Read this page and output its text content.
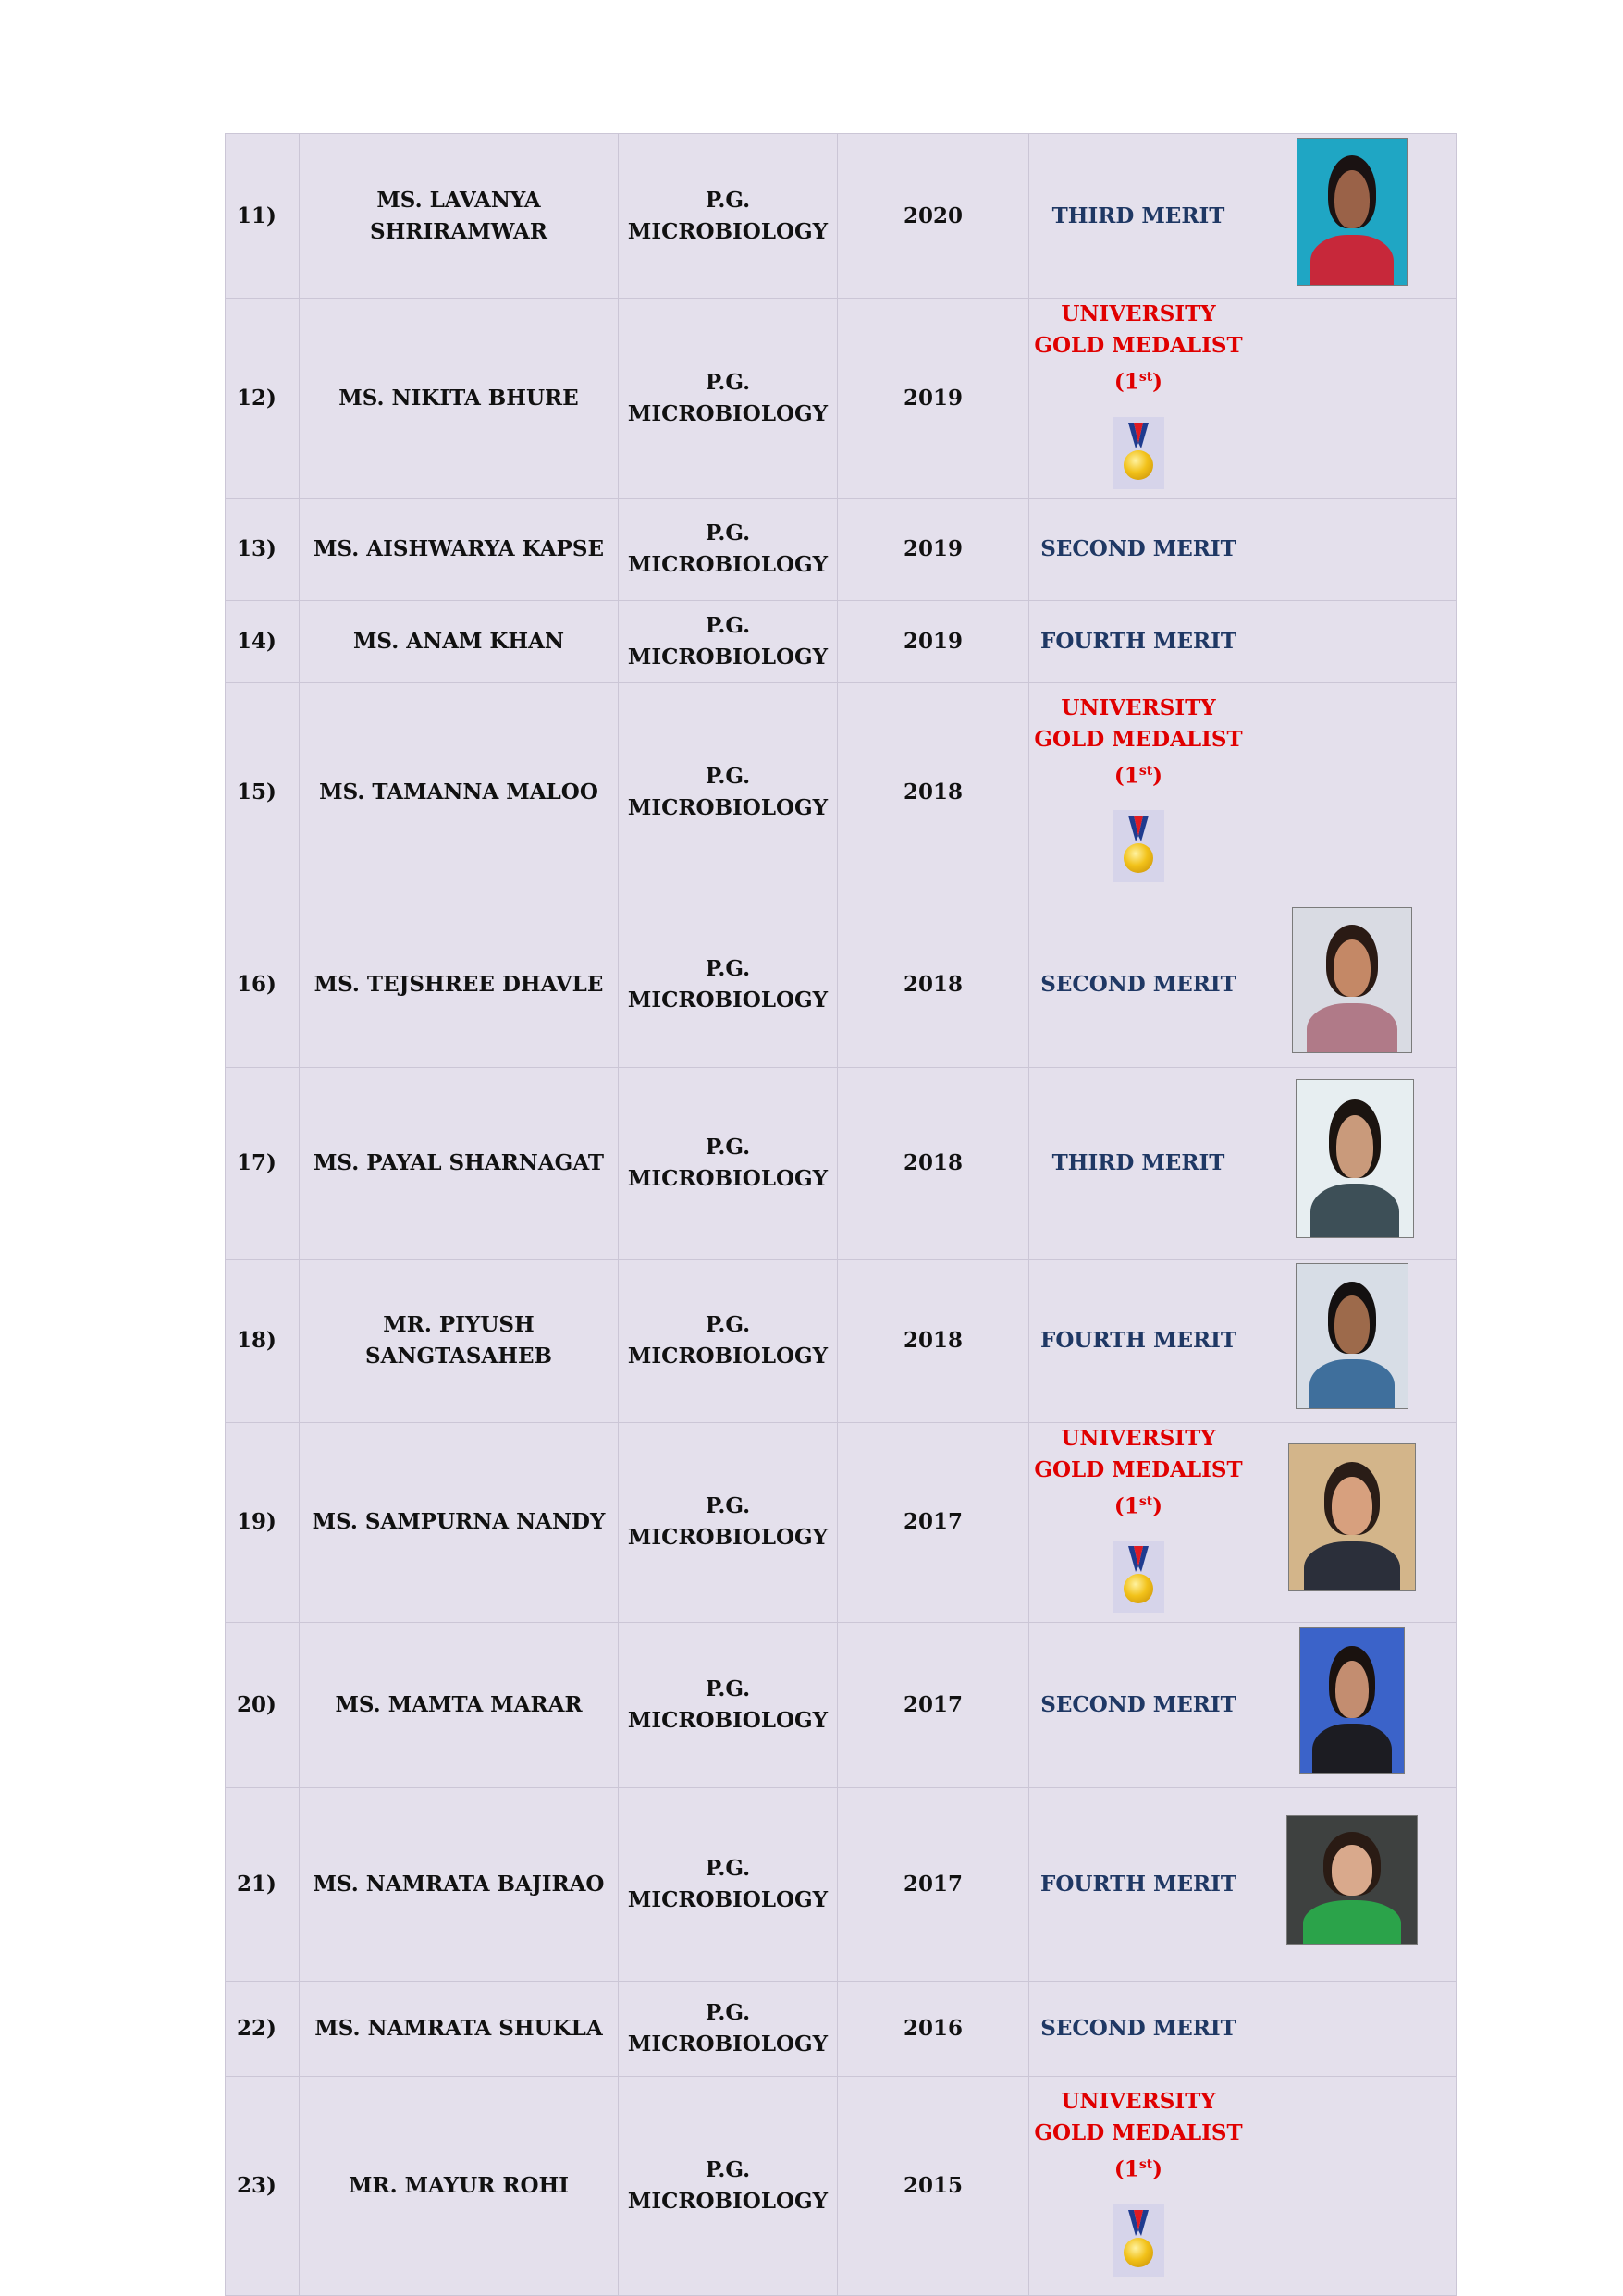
11)	MS. LAVANYA SHRIRAMWAR	P.G.
MICROBIOLOGY	2020	THIRD MERIT	

12)	MS. NIKITA BHURE	P.G.
MICROBIOLOGY	2019	UNIVERSITY
GOLD MEDALIST
(1st)	

13)	MS. AISHWARYA KAPSE	P.G.
MICROBIOLOGY	2019	SECOND MERIT	
14)	MS. ANAM KHAN	P.G.
MICROBIOLOGY	2019	FOURTH MERIT	
15)	MS. TAMANNA MALOO	P.G.
MICROBIOLOGY	2018	UNIVERSITY
GOLD MEDALIST
(1st)	

16)	MS. TEJSHREE DHAVLE	P.G.
MICROBIOLOGY	2018	SECOND MERIT	

17)	MS. PAYAL SHARNAGAT	P.G.
MICROBIOLOGY	2018	THIRD MERIT	

18)	MR. PIYUSH SANGTASAHEB	P.G.
MICROBIOLOGY	2018	FOURTH MERIT	

19)	MS. SAMPURNA NANDY	P.G.
MICROBIOLOGY	2017	UNIVERSITY
GOLD MEDALIST
(1st)	

20)	MS. MAMTA MARAR	P.G.
MICROBIOLOGY	2017	SECOND MERIT	

21)	MS. NAMRATA BAJIRAO	P.G.
MICROBIOLOGY	2017	FOURTH MERIT	

22)	MS. NAMRATA SHUKLA	P.G.
MICROBIOLOGY	2016	SECOND MERIT	
23)	MR. MAYUR ROHI	P.G.
MICROBIOLOGY	2015	UNIVERSITY
GOLD MEDALIST
(1st)	
